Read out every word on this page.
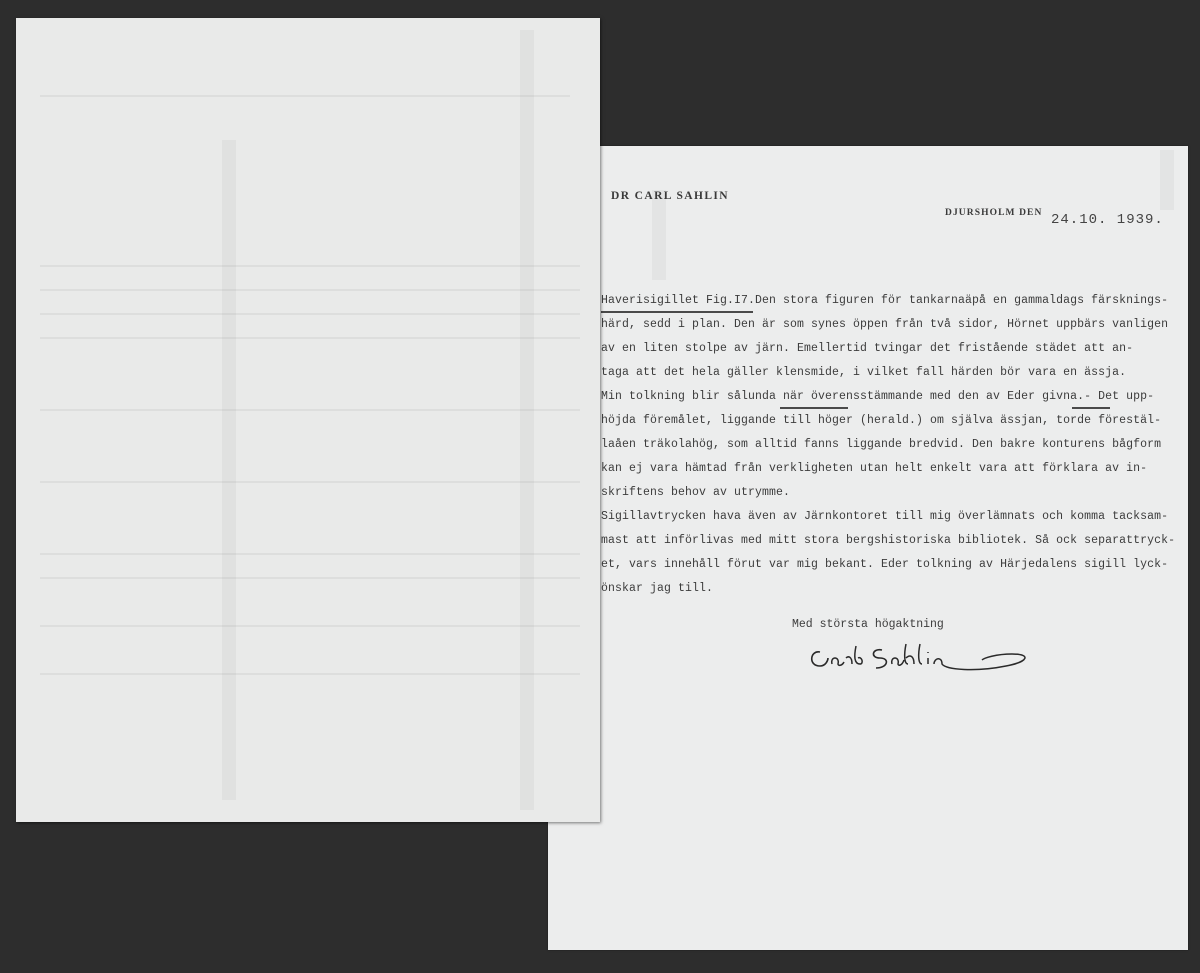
DR CARL SAHLIN
DJURSHOLM DEN 24.10. 1939.
Haverisigillet Fig.I7.Den stora figuren för tankarnaäpå en gammaldags färsknings-
härd, sedd i plan. Den är som synes öppen från två sidor, Hörnet uppbärs vanligen
av en liten stolpe av järn. Emellertid tvingar det fristående städet att an-
taga att det hela gäller klensmide, i vilket fall härden bör vara en ässja.
Min tolkning blir sålunda när överensstämmande med den av Eder givna.- Det upp-
höjda föremålet, liggande till höger (herald.) om själva ässjan, torde förestäl-
laåen träkolahög, som alltid fanns liggande bredvid. Den bakre konturens bågform
kan ej vara hämtad från verkligheten utan helt enkelt vara att förklara av in-
skriftens behov av utrymme.
Sigillavtrycken hava även av Järnkontoret till mig överlämnats och komma tacksam-
mast att införlivas med mitt stora bergshistoriska bibliotek. Så ock separattryck-
et, vars innehåll förut var mig bekant. Eder tolkning av Härjedalens sigill lyck-
önskar jag till.
Med största högaktning
